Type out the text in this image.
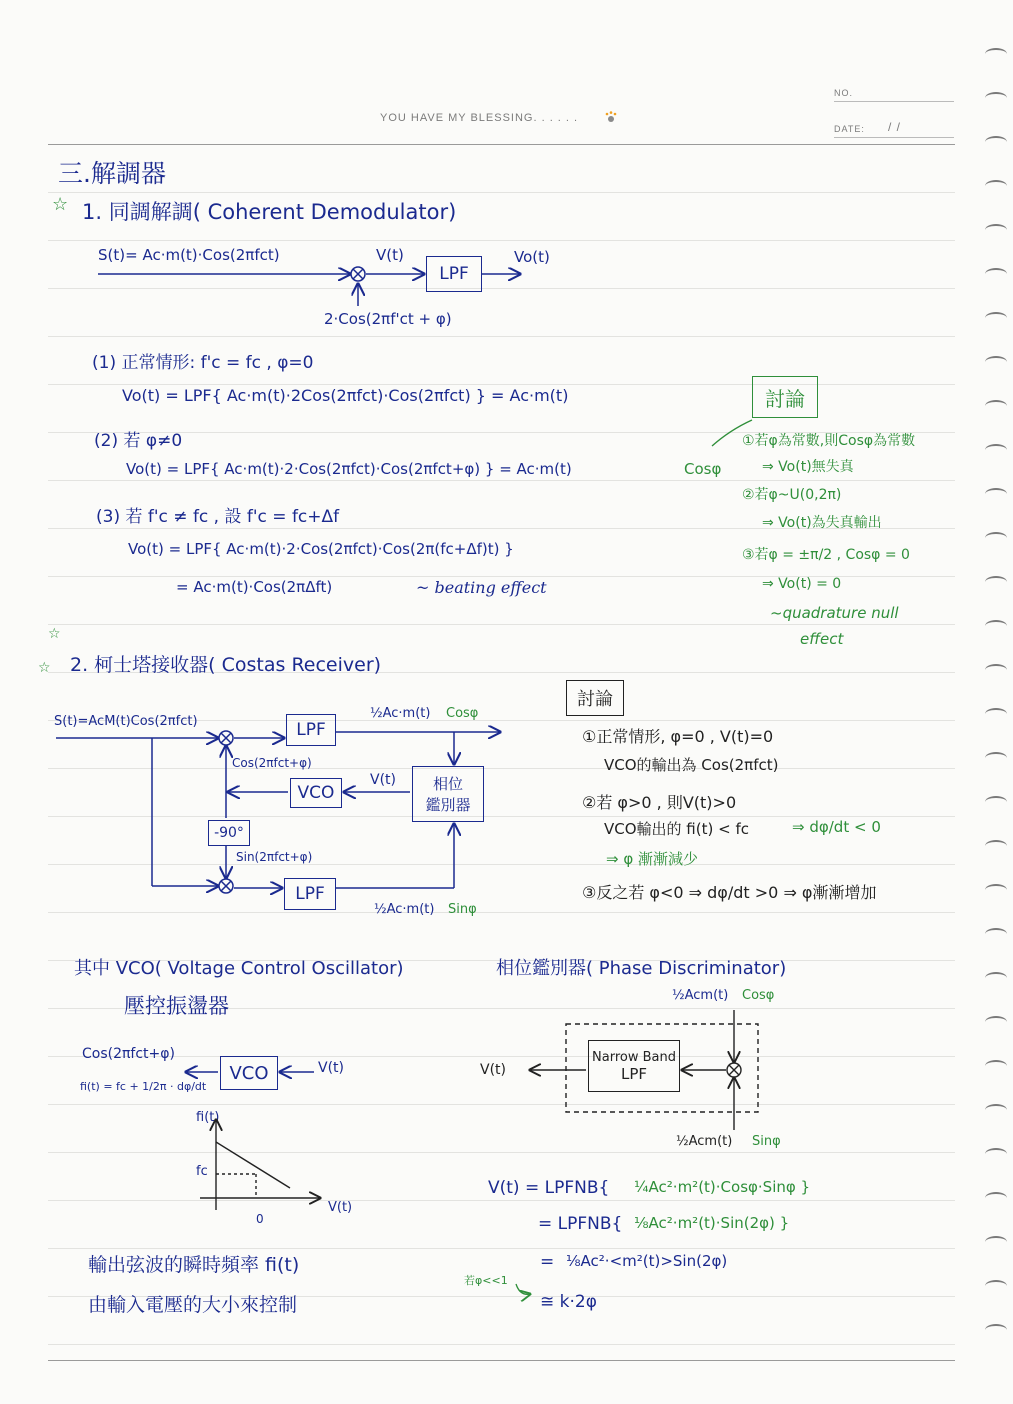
YOU HAVE MY BLESSING. . . . . .
NO.
DATE: / /
三.解調器
☆ 1. 同調解調( Coherent Demodulator)
S(t)= Ac·m(t)·Cos(2πfct)	V(t)
LPF
Vo(t)
2·Cos(2πf'ct + φ)
(1) 正常情形: f'c = fc , φ=0
Vo(t) = LPF{ Ac·m(t)·2Cos(2πfct)·Cos(2πfct) } = Ac·m(t)
(2) 若 φ≠0
Vo(t) = LPF{ Ac·m(t)·2·Cos(2πfct)·Cos(2πfct+φ) } = Ac·m(t)	Cosφ
(3) 若 f'c ≠ fc , 設 f'c = fc+Δf
Vo(t) = LPF{ Ac·m(t)·2·Cos(2πfct)·Cos(2π(fc+Δf)t) }
= Ac·m(t)·Cos(2πΔft)	~ beating effect
討論
①若φ為常數,則Cosφ為常數
⇒ Vo(t)無失真
②若φ~U(0,2π)
⇒ Vo(t)為失真輸出
③若φ = ±π/2 , Cosφ = 0
⇒ Vo(t) = 0
~quadrature null
effect
☆
☆ 2. 柯士塔接收器( Costas Receiver)
S(t)=AcM(t)Cos(2πfct)	LPF
½Ac·m(t) Cosφ
Cos(2πfct+φ)
V(t)
VCO	相位
鑑別器
-90°
Sin(2πfct+φ)
LPF
½Ac·m(t) Sinφ
討論
①正常情形, φ=0 , V(t)=0
VCO的輸出為 Cos(2πfct)
②若 φ>0 , 則V(t)>0
VCO輸出的 fi(t) < fc	⇒ dφ/dt < 0
⇒ φ 漸漸減少
③反之若 φ<0 ⇒ dφ/dt >0 ⇒ φ漸漸增加
其中 VCO( Voltage Control Oscillator)
壓控振盪器
Cos(2πfct+φ)
fi(t) = fc + 1/2π · dφ/dt
VCO	V(t)
fi(t)
fc
0
V(t)
輸出弦波的瞬時頻率 fi(t)
由輸入電壓的大小來控制
相位鑑別器( Phase Discriminator)
½Acm(t) Cosφ
Narrow Band
LPF
V(t)
½Acm(t) Sinφ
V(t) = LPFNB{ ¼Ac²·m²(t)·Cosφ·Sinφ }
= LPFNB{ ⅛Ac²·m²(t)·Sin(2φ) }
= ⅛Ac²·<m²(t)>Sin(2φ)
若φ<<1
≅ k·2φ
